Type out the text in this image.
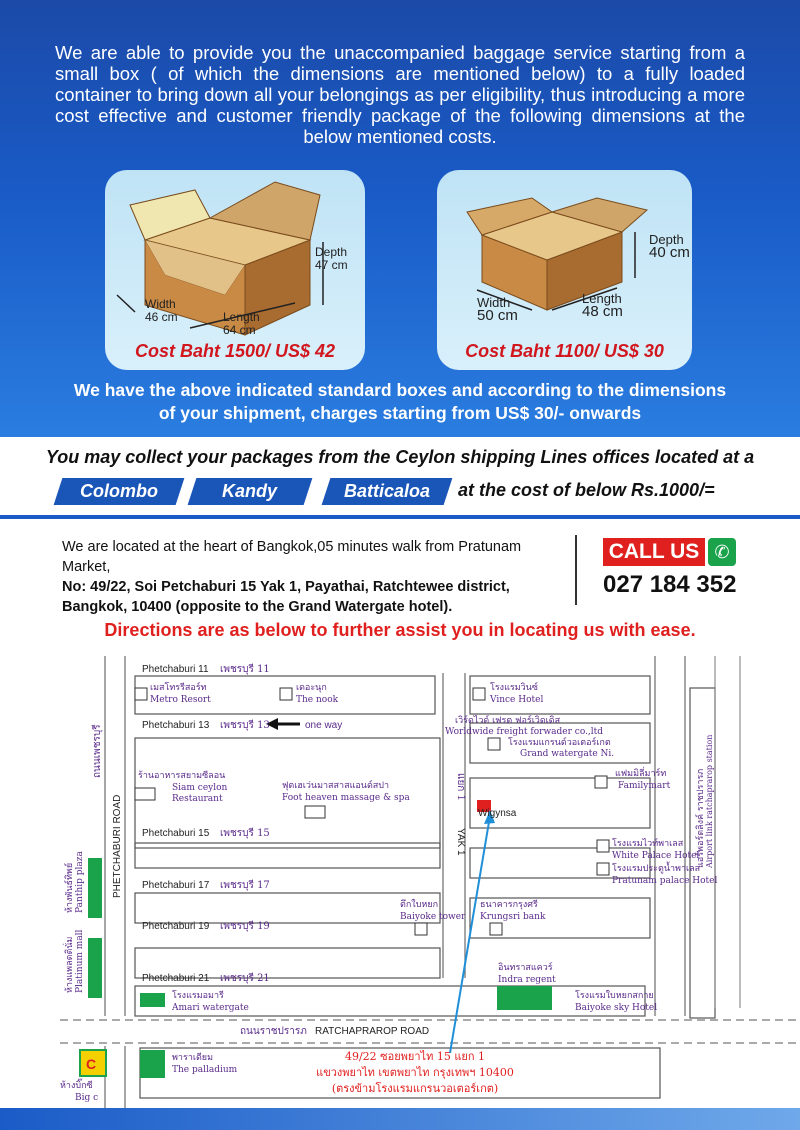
We are able to provide you the unaccompanied baggage service starting from a small box ( of which the dimensions are mentioned below) to a fully loaded container to bring down all your belongings as per eligibility, thus introducing a more cost effective and customer friendly package of the following dimensions at the below mentioned costs.

Depth
47 cm
Width
46 cm	Length
64 cm
Cost Baht 1500/ US$ 42
Depth
40 cm
Width
50 cm
Length
48 cm
Cost Baht 1100/ US$ 30
We have the above indicated standard boxes and according to the dimensions
of your shipment, charges starting from US$ 30/- onwards
You may collect your packages from the Ceylon shipping Lines offices located at a
Colombo	Kandy	Batticaloa	at the cost of below Rs.1000/=
We are located at the heart of Bangkok,05 minutes walk from Pratunam Market,
No: 49/22, Soi Petchaburi 15 Yak 1, Payathai, Ratchtewee district,
Bangkok, 10400 (opposite to the Grand Watergate hotel).
CALL US ✆
027 184 352
Directions are as below to further assist you in locating us with ease.
Phetchaburi 11 เพชรบุรี 11
Phetchaburi 13 เพชรบุรี 13	one way
Phetchaburi 15 เพชรบุรี 15
Phetchaburi 17 เพชรบุรี 17
Phetchaburi 19 เพชรบุรี 19
Phetchaburi 21 เพชรบุรี 21
RATCHAPRAROP ROAD
ถนนราชปรารภ
PHETCHABURI ROAD
ถนนเพชรบุรี
YAK 1
แยก 1
เมสโทรรีสอร์ท
Metro Resort
เดอะนุก
The nook
โรงแรมวินซ์
Vince Hotel
เวิร์ดไวด์ เฟรต ฟอร์เวิดเดิส
Worldwide freight forwader co.,ltd
โรงแรมแกรนด์วอเตอร์เกต
Grand watergate Ni.
ร้านอาหารสยามซีลอน
Siam ceylon
Restaurant
ฟุตเฮเว่นมาสสาสแอนด์สปา
Foot heaven massage & spa
แฟมมิลี่มาร์ท
Familymart
โรงแรมไวท์พาเลส
White Palace Hotel
โรงแรมประตูน้ำพาเลส
Pratunam palace Hotel
ตึกใบหยก
Baiyoke tower
ธนาคารกรุงศรี
Krungsri bank
อินทราสแควร์
Indra regent
โรงแรมอมารี
Amari watergate
โรงแรมใบหยกสกาย
Baiyoke sky Hotel
พาราเดียม
The palladium
ห้างบิ๊กซี
Big c
ห้างพันธ์ทิพย์ Panthip plaza
ห้างแพลตตินั่ม Platinum mall
แอร์พอร์ตลิงค์ ราชปรารภ Airport link ratchaprarop station
Wigynsa
C	49/22 ซอยพยาไท 15 แยก 1
แขวงพยาไท เขตพยาไท กรุงเทพฯ 10400
(ตรงข้ามโรงแรมแกรนวอเตอร์เกต)
